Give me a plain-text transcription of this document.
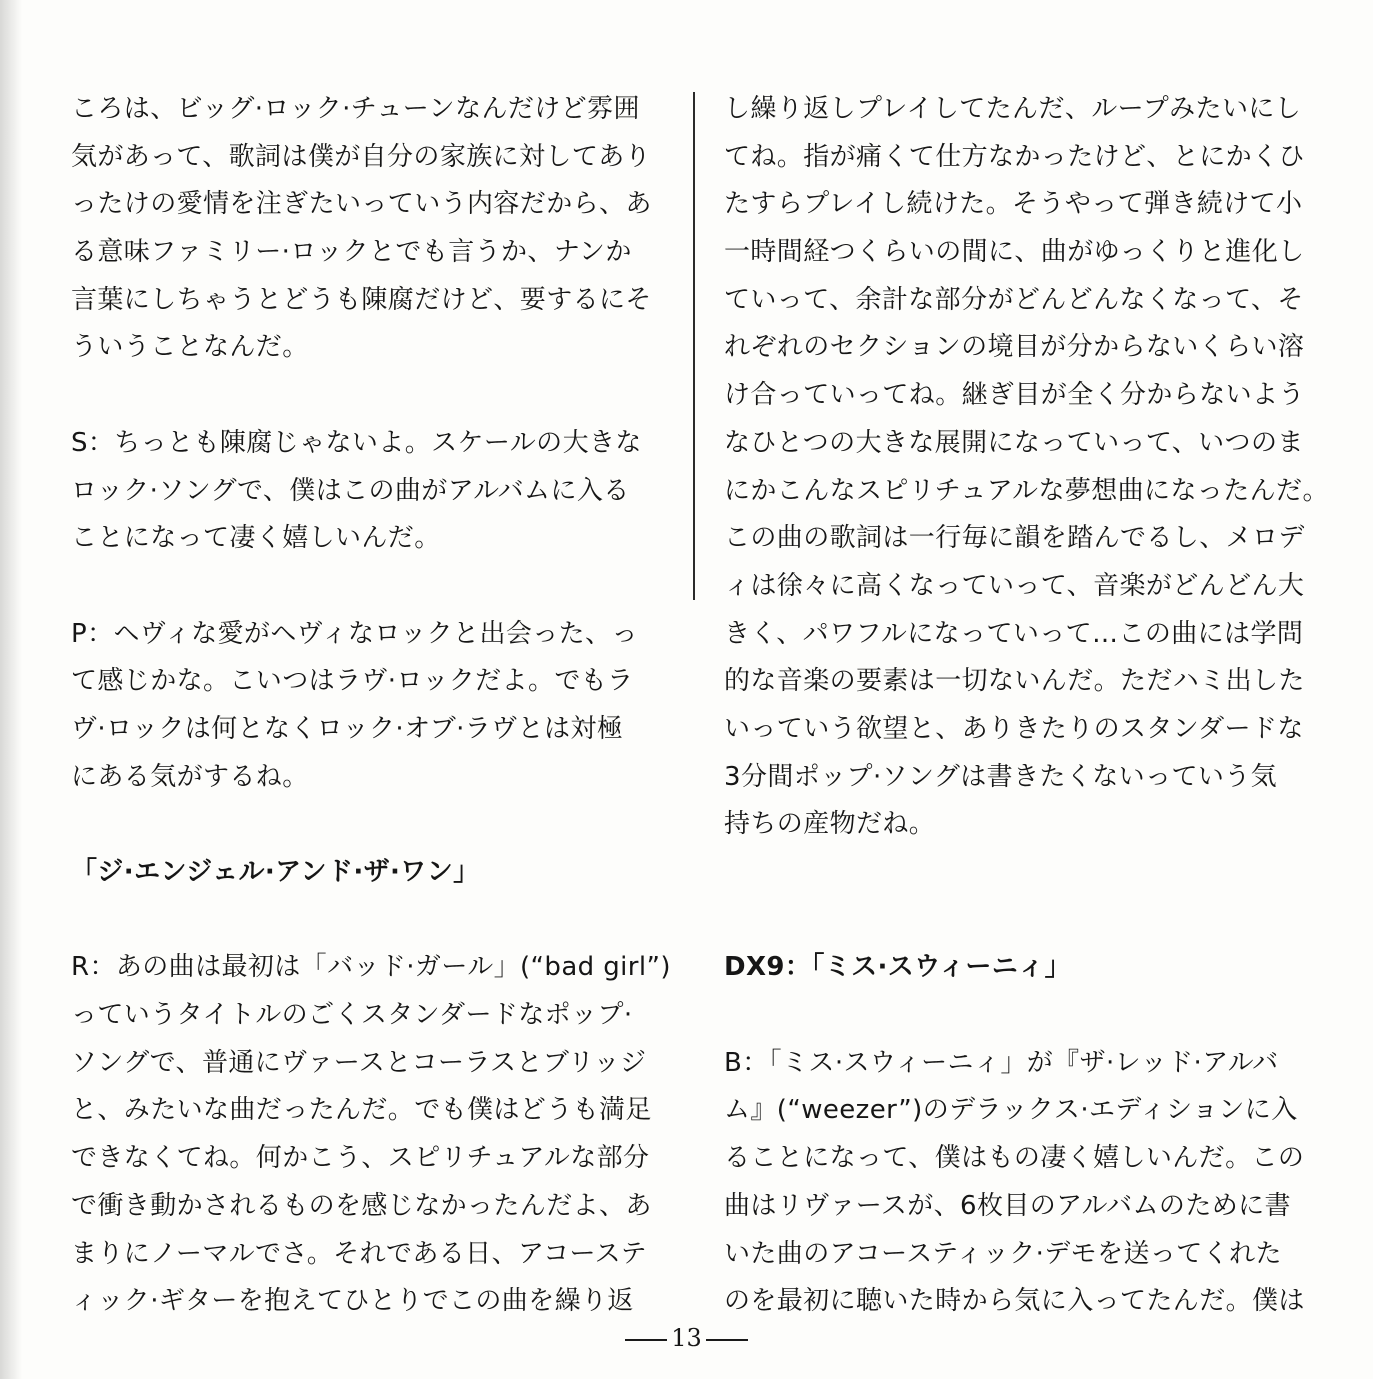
ころは、ビッグ·ロック·チューンなんだけど雰囲
気があって、歌詞は僕が自分の家族に対してあり
ったけの愛情を注ぎたいっていう内容だから、あ
る意味ファミリー·ロックとでも言うか、ナンか
言葉にしちゃうとどうも陳腐だけど、要するにそ
ういうことなんだ。
S：ちっとも陳腐じゃないよ。スケールの大きな
ロック·ソングで、僕はこの曲がアルバムに入る
ことになって凄く嬉しいんだ。
P：ヘヴィな愛がヘヴィなロックと出会った、っ
て感じかな。こいつはラヴ·ロックだよ。でもラ
ヴ·ロックは何となくロック·オブ·ラヴとは対極
にある気がするね。
「ジ·エンジェル·アンド·ザ·ワン」
R：あの曲は最初は「バッド·ガール」(“bad girl”)
っていうタイトルのごくスタンダードなポップ·
ソングで、普通にヴァースとコーラスとブリッジ
と、みたいな曲だったんだ。でも僕はどうも満足
できなくてね。何かこう、スピリチュアルな部分
で衝き動かされるものを感じなかったんだよ、あ
まりにノーマルでさ。それである日、アコーステ
ィック·ギターを抱えてひとりでこの曲を繰り返
し繰り返しプレイしてたんだ、ループみたいにし
てね。指が痛くて仕方なかったけど、とにかくひ
たすらプレイし続けた。そうやって弾き続けて小
一時間経つくらいの間に、曲がゆっくりと進化し
ていって、余計な部分がどんどんなくなって、そ
れぞれのセクションの境目が分からないくらい溶
け合っていってね。継ぎ目が全く分からないよう
なひとつの大きな展開になっていって、いつのま
にかこんなスピリチュアルな夢想曲になったんだ。
この曲の歌詞は一行毎に韻を踏んでるし、メロデ
ィは徐々に高くなっていって、音楽がどんどん大
きく、パワフルになっていって…この曲には学問
的な音楽の要素は一切ないんだ。ただハミ出した
いっていう欲望と、ありきたりのスタンダードな
3分間ポップ·ソングは書きたくないっていう気
持ちの産物だね。
DX9：「ミス·スウィーニィ」
B：「ミス·スウィーニィ」が『ザ·レッド·アルバ
ム』(“weezer”)のデラックス·エディションに入
ることになって、僕はもの凄く嬉しいんだ。この
曲はリヴァースが、6枚目のアルバムのために書
いた曲のアコースティック·デモを送ってくれた
のを最初に聴いた時から気に入ってたんだ。僕は
13
